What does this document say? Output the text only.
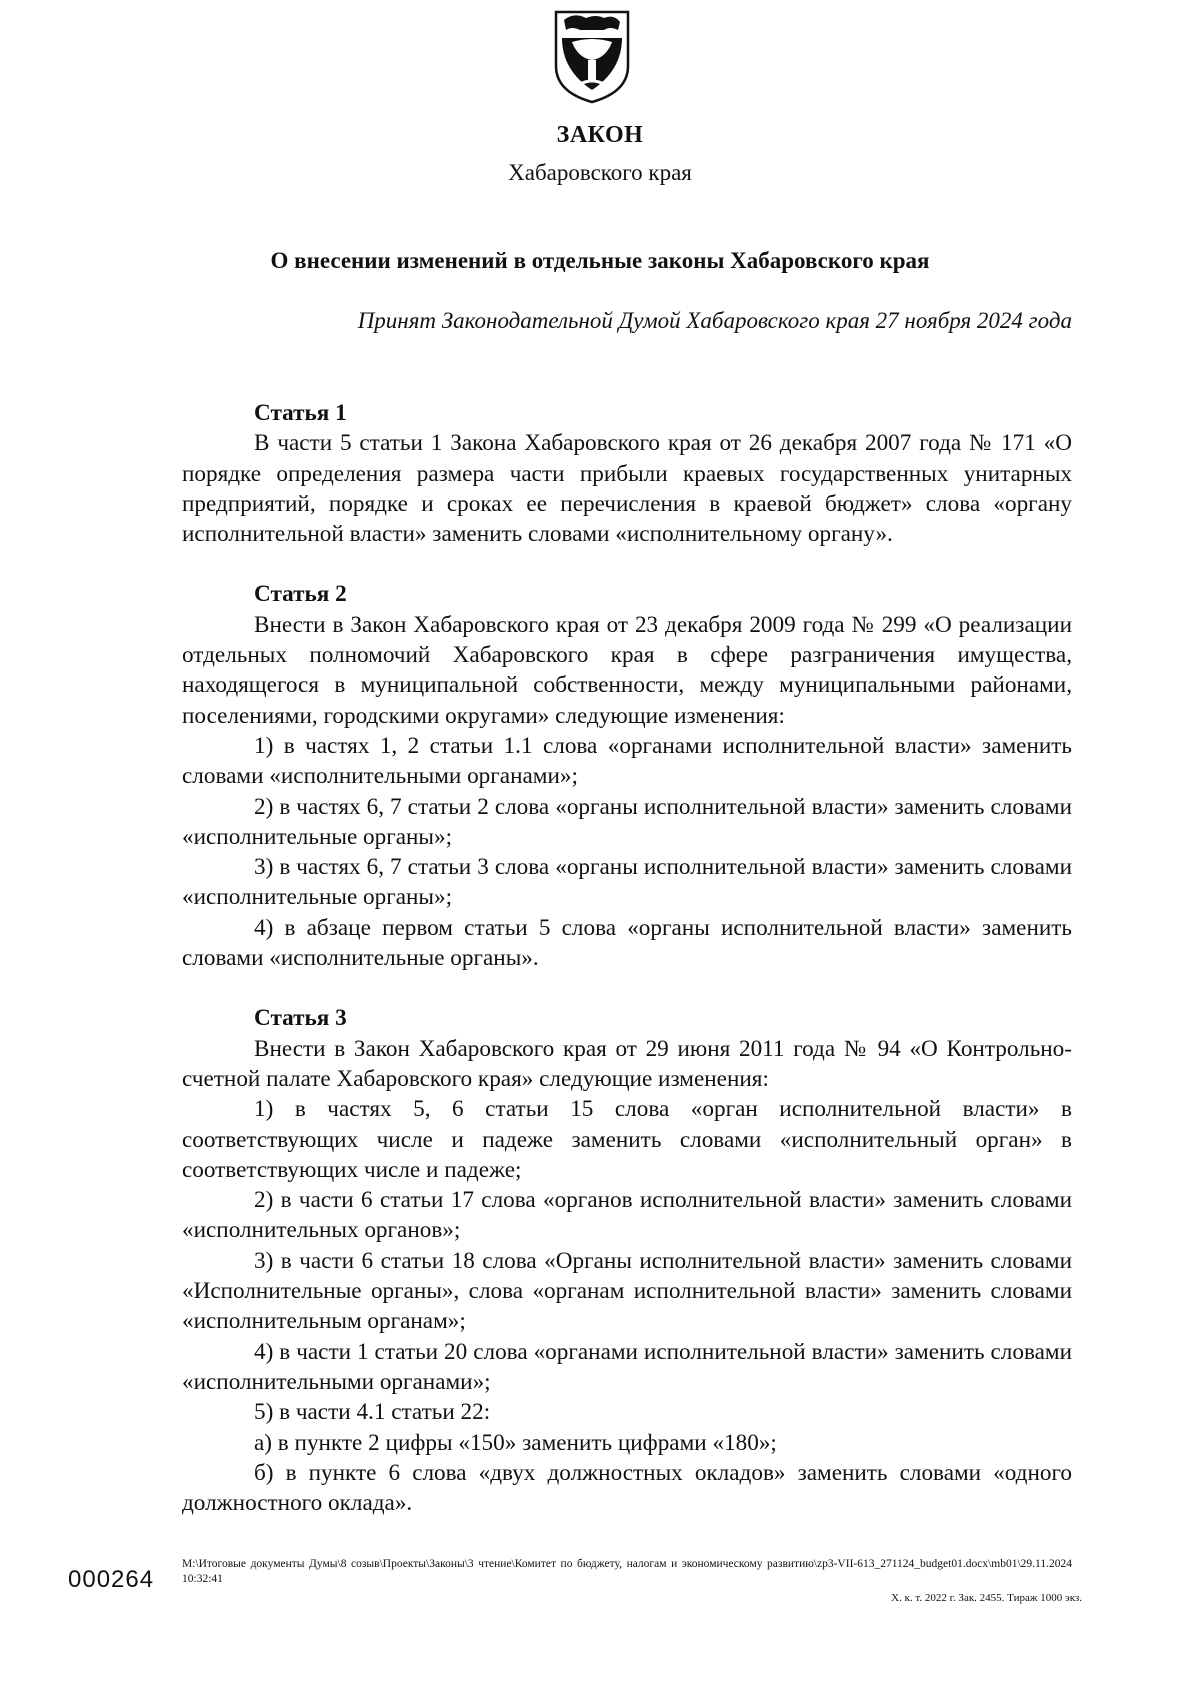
ЗАКОН
Хабаровского края
О внесении изменений в отдельные законы Хабаровского края
Принят Законодательной Думой Хабаровского края 27 ноября 2024 года
Статья 1

В части 5 статьи 1 Закона Хабаровского края от 26 декабря 2007 года № 171 «О порядке определения размера части прибыли краевых государственных унитарных предприятий, порядке и сроках ее перечисления в краевой бюджет» слова «органу исполнительной власти» заменить словами «исполнительному органу».

Статья 2

Внести в Закон Хабаровского края от 23 декабря 2009 года № 299 «О реализации отдельных полномочий Хабаровского края в сфере разграничения имущества, находящегося в муниципальной собственности, между муниципальными районами, поселениями, городскими округами» следующие изменения:

1) в частях 1, 2 статьи 1.1 слова «органами исполнительной власти» заменить словами «исполнительными органами»;

2) в частях 6, 7 статьи 2 слова «органы исполнительной власти» заменить словами «исполнительные органы»;

3) в частях 6, 7 статьи 3 слова «органы исполнительной власти» заменить словами «исполнительные органы»;

4) в абзаце первом статьи 5 слова «органы исполнительной власти» заменить словами «исполнительные органы».

Статья 3

Внести в Закон Хабаровского края от 29 июня 2011 года № 94 «О Контрольно-счетной палате Хабаровского края» следующие изменения:

1) в частях 5, 6 статьи 15 слова «орган исполнительной власти» в соответствующих числе и падеже заменить словами «исполнительный орган» в соответствующих числе и падеже;

2) в части 6 статьи 17 слова «органов исполнительной власти» заменить словами «исполнительных органов»;

3) в части 6 статьи 18 слова «Органы исполнительной власти» заменить словами «Исполнительные органы», слова «органам исполнительной власти» заменить словами «исполнительным органам»;

4) в части 1 статьи 20 слова «органами исполнительной власти» заменить словами «исполнительными органами»;

5) в части 4.1 статьи 22:

а) в пункте 2 цифры «150» заменить цифрами «180»;

б) в пункте 6 слова «двух должностных окладов» заменить словами «одного должностного оклада».

000264
M:\Итоговые документы Думы\8 созыв\Проекты\Законы\3 чтение\Комитет по бюджету, налогам и экономическому развитию\zp3-VII-613_271124_budget01.docx\mb01\29.11.2024 10:32:41
Х. к. т. 2022 г. Зак. 2455. Тираж 1000 экз.
